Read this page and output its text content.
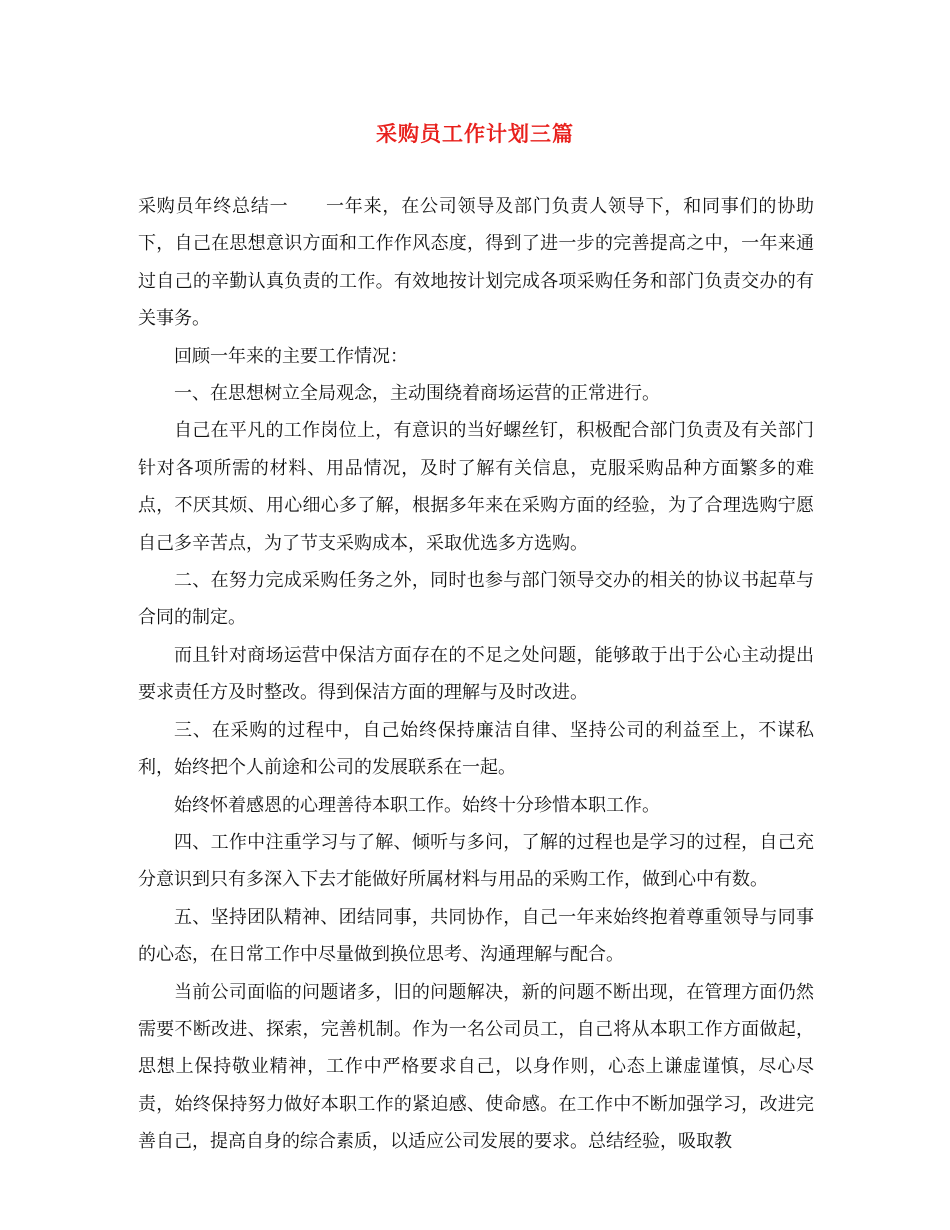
采购员工作计划三篇

采购员年终总结一　　一年来，在公司领导及部门负责人领导下，和同事们的协助下，自己在思想意识方面和工作作风态度，得到了进一步的完善提高之中，一年来通过自己的辛勤认真负责的工作。有效地按计划完成各项采购任务和部门负责交办的有关事务。

回顾一年来的主要工作情况：

一、在思想树立全局观念，主动围绕着商场运营的正常进行。

自己在平凡的工作岗位上，有意识的当好螺丝钉，积极配合部门负责及有关部门针对各项所需的材料、用品情况，及时了解有关信息，克服采购品种方面繁多的难点，不厌其烦、用心细心多了解，根据多年来在采购方面的经验，为了合理选购宁愿自己多辛苦点，为了节支采购成本，采取优选多方选购。

二、在努力完成采购任务之外，同时也参与部门领导交办的相关的协议书起草与合同的制定。

而且针对商场运营中保洁方面存在的不足之处问题，能够敢于出于公心主动提出要求责任方及时整改。得到保洁方面的理解与及时改进。

三、在采购的过程中，自己始终保持廉洁自律、坚持公司的利益至上，不谋私利，始终把个人前途和公司的发展联系在一起。

始终怀着感恩的心理善待本职工作。始终十分珍惜本职工作。

四、工作中注重学习与了解、倾听与多问，了解的过程也是学习的过程，自己充分意识到只有多深入下去才能做好所属材料与用品的采购工作，做到心中有数。

五、坚持团队精神、团结同事，共同协作，自己一年来始终抱着尊重领导与同事的心态，在日常工作中尽量做到换位思考、沟通理解与配合。

当前公司面临的问题诸多，旧的问题解决，新的问题不断出现，在管理方面仍然需要不断改进、探索，完善机制。作为一名公司员工，自己将从本职工作方面做起，思想上保持敬业精神，工作中严格要求自己，以身作则，心态上谦虚谨慎，尽心尽责，始终保持努力做好本职工作的紧迫感、使命感。在工作中不断加强学习，改进完善自己，提高自身的综合素质，以适应公司发展的要求。总结经验，吸取教
